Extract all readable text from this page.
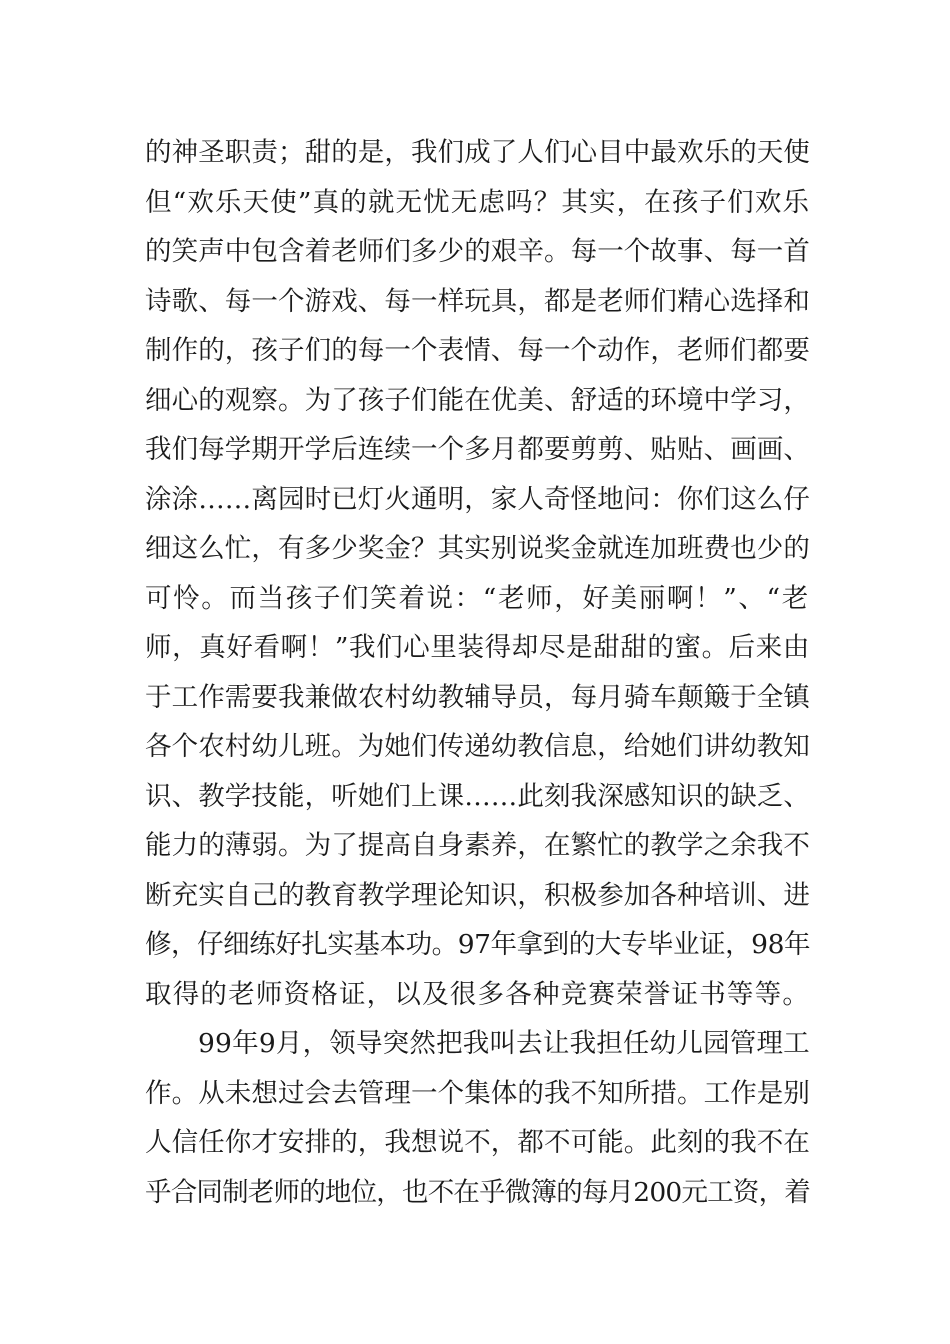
的神圣职责；甜的是，我们成了人们心目中最欢乐的天使
但“欢乐天使”真的就无忧无虑吗？其实，在孩子们欢乐
的笑声中包含着老师们多少的艰辛。每一个故事、每一首
诗歌、每一个游戏、每一样玩具，都是老师们精心选择和
制作的，孩子们的每一个表情、每一个动作，老师们都要
细心的观察。为了孩子们能在优美、舒适的环境中学习，
我们每学期开学后连续一个多月都要剪剪、贴贴、画画、
涂涂……离园时已灯火通明，家人奇怪地问：你们这么仔
细这么忙，有多少奖金？其实别说奖金就连加班费也少的
可怜。而当孩子们笑着说：“老师，好美丽啊！”、“老
师，真好看啊！”我们心里装得却尽是甜甜的蜜。后来由
于工作需要我兼做农村幼教辅导员，每月骑车颠簸于全镇
各个农村幼儿班。为她们传递幼教信息，给她们讲幼教知
识、教学技能，听她们上课……此刻我深感知识的缺乏、
能力的薄弱。为了提高自身素养，在繁忙的教学之余我不
断充实自己的教育教学理论知识，积极参加各种培训、进
修，仔细练好扎实基本功。97年拿到的大专毕业证，98年
取得的老师资格证，以及很多各种竞赛荣誉证书等等。
99年9月，领导突然把我叫去让我担任幼儿园管理工
作。从未想过会去管理一个集体的我不知所措。工作是别
人信任你才安排的，我想说不，都不可能。此刻的我不在
乎合同制老师的地位，也不在乎微簿的每月200元工资，着
